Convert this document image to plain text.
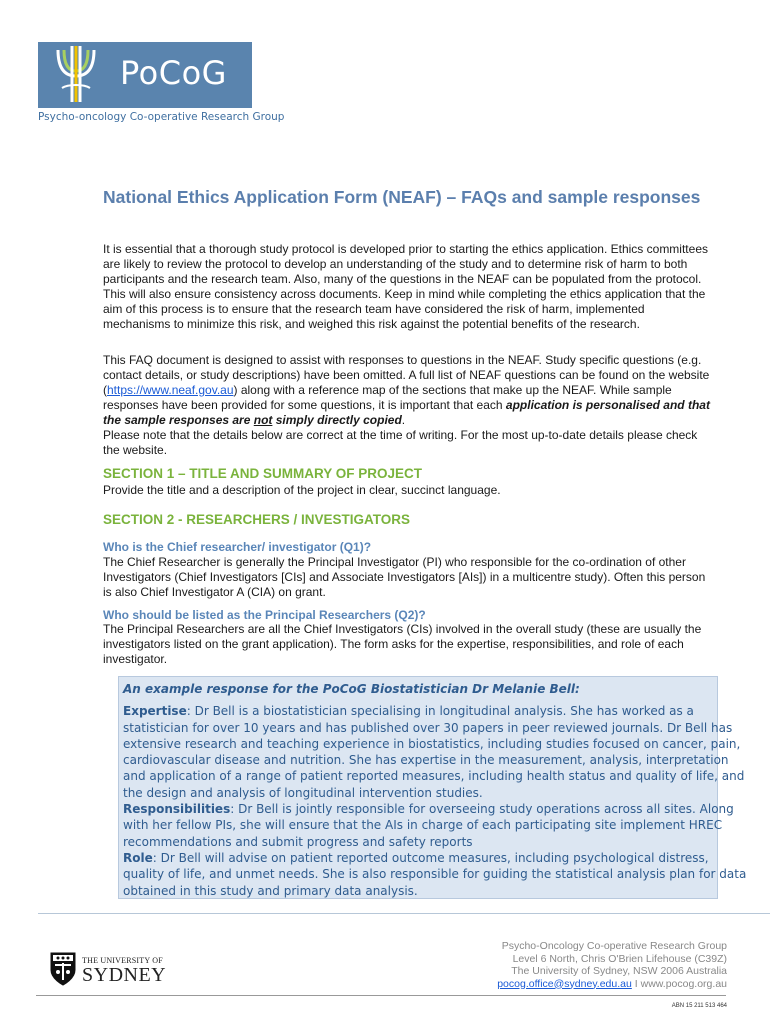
PoCoG
Psycho-oncology Co-operative Research Group
National Ethics Application Form (NEAF) – FAQs and sample responses

It is essential that a thorough study protocol is developed prior to starting the ethics application. Ethics committees are likely to review the protocol to develop an understanding of the study and to determine risk of harm to both participants and the research team. Also, many of the questions in the NEAF can be populated from the protocol. This will also ensure consistency across documents. Keep in mind while completing the ethics application that the aim of this process is to ensure that the research team have considered the risk of harm, implemented mechanisms to minimize this risk, and weighed this risk against the potential benefits of the research.

This FAQ document is designed to assist with responses to questions in the NEAF. Study specific questions (e.g. contact details, or study descriptions) have been omitted. A full list of NEAF questions can be found on the website (https://www.neaf.gov.au) along with a reference map of the sections that make up the NEAF. While sample responses have been provided for some questions, it is important that each application is personalised and that the sample responses are not simply directly copied.
Please note that the details below are correct at the time of writing. For the most up-to-date details please check the website.

SECTION 1 – TITLE AND SUMMARY OF PROJECT

Provide the title and a description of the project in clear, succinct language.

SECTION 2 - RESEARCHERS / INVESTIGATORS
Who is the Chief researcher/ investigator (Q1)?

The Chief Researcher is generally the Principal Investigator (PI) who responsible for the co-ordination of other Investigators (Chief Investigators [CIs] and Associate Investigators [AIs]) in a multicentre study). Often this person is also Chief Investigator A (CIA) on grant.

Who should be listed as the Principal Researchers (Q2)?

The Principal Researchers are all the Chief Investigators (CIs) involved in the overall study (these are usually the investigators listed on the grant application). The form asks for the expertise, responsibilities, and role of each investigator.

An example response for the PoCoG Biostatistician Dr Melanie Bell:
Expertise: Dr Bell is a biostatistician specialising in longitudinal analysis. She has worked as a
statistician for over 10 years and has published over 30 papers in peer reviewed journals. Dr Bell has
extensive research and teaching experience in biostatistics, including studies focused on cancer, pain,
cardiovascular disease and nutrition. She has expertise in the measurement, analysis, interpretation
and application of a range of patient reported measures, including health status and quality of life, and
the design and analysis of longitudinal intervention studies.
Responsibilities: Dr Bell is jointly responsible for overseeing study operations across all sites. Along
with her fellow PIs, she will ensure that the AIs in charge of each participating site implement HREC
recommendations and submit progress and safety reports
Role: Dr Bell will advise on patient reported outcome measures, including psychological distress,
quality of life, and unmet needs. She is also responsible for guiding the statistical analysis plan for data
obtained in this study and primary data analysis.
THE UNIVERSITY OF
SYDNEY
Psycho-Oncology Co-operative Research Group
Level 6 North, Chris O'Brien Lifehouse (C39Z)
The University of Sydney, NSW 2006 Australia
pocog.office@sydney.edu.au I www.pocog.org.au
ABN 15 211 513 464
